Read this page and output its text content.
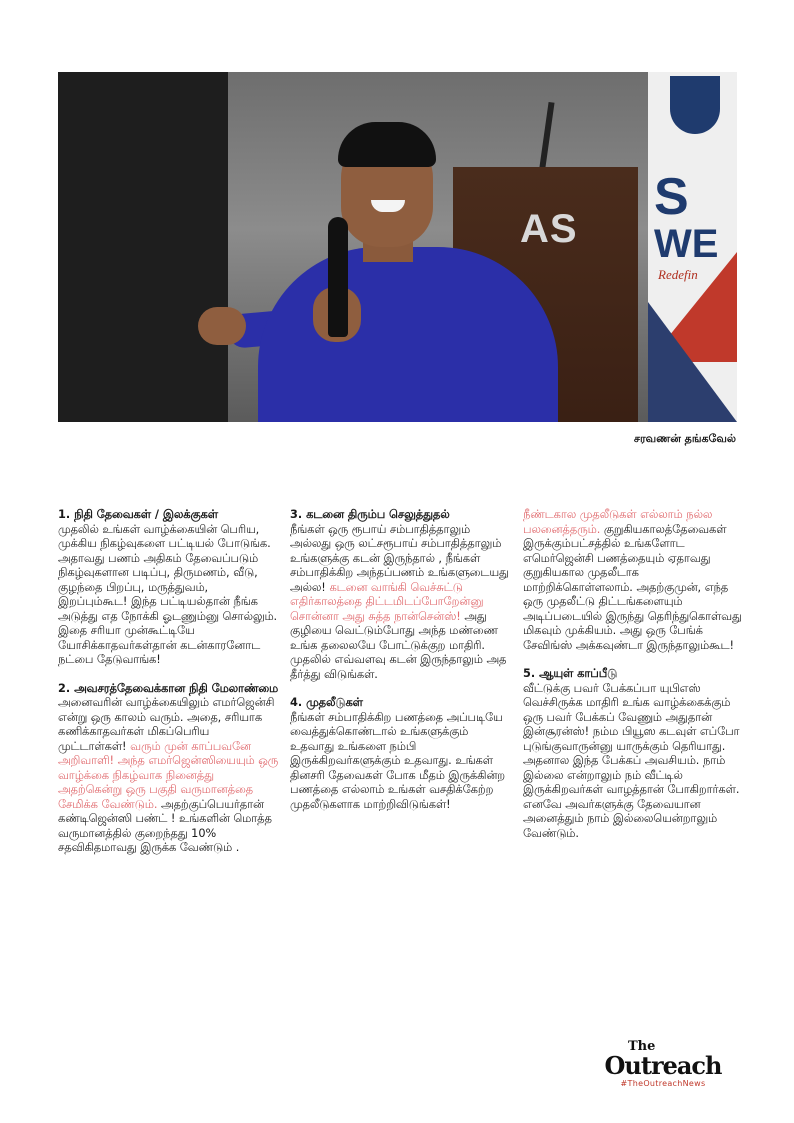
AS
S
WE
Redefin
சரவணன் தங்கவேல்
1. நிதி தேவைகள் / இலக்குகள்
முதலில் உங்கள் வாழ்க்கையின் பெரிய, முக்கிய நிகழ்வுகளை பட்டியல் போடுங்க. அதாவது பணம் அதிகம் தேவைப்படும் நிகழ்வுகளான படிப்பு, திருமணம், வீடு, குழந்தை பிறப்பு, மருத்துவம், இறப்பும்கூட! இந்த பட்டியல்தான் நீங்க அடுத்து எத நோக்கி ஓடணும்னு சொல்லும். இதை சரியா முன்கூட்டியே யோசிக்காதவர்கள்தான் கடன்காரனோட நட்பை தேடுவாங்க!
2. அவசரத்தேவைக்கான நிதி மேலாண்மை
அனைவரின் வாழ்க்கையிலும் எமர்ஜென்சி என்று ஒரு காலம் வரும். அதை, சரியாக கணிக்காதவர்கள் மிகப்பெரிய முட்டாள்கள்! வரும் முன் காப்பவனே அறிவாளி! அந்த எமர்ஜென்ஸியையும் ஒரு வாழ்க்கை நிகழ்வாக நினைத்து அதற்கென்று ஒரு பகுதி வருமானத்தை சேமிக்க வேண்டும். அதற்குப்பெயர்தான் கண்டிஜென்ஸி பண்ட் ! உங்களின் மொத்த வருமானத்தில் குறைந்தது 10% சதவிகிதமாவது இருக்க வேண்டும் .
3. கடனை திரும்ப செலுத்துதல்
நீங்கள் ஒரு ரூபாய் சம்பாதித்தாலும் அல்லது ஒரு லட்சரூபாய் சம்பாதித்தாலும் உங்களுக்கு கடன் இருந்தால் , நீங்கள் சம்பாதிக்கிற அந்தப்பணம் உங்களுடையது அல்ல! கடனை வாங்கி வெச்சுட்டு எதிர்காலத்தை திட்டமிடப்போறேன்னு சொன்னா அது சுத்த நான்சென்ஸ்! அது குழியை வெட்டும்போது அந்த மண்ணை உங்க தலைலயே போட்டுக்குற மாதிரி. முதலில் எவ்வளவு கடன் இருந்தாலும் அத தீர்த்து விடுங்கள்.
4. முதலீடுகள்
நீங்கள் சம்பாதிக்கிற பணத்தை அப்படியே வைத்துக்கொண்டால் உங்களுக்கும் உதவாது உங்களை நம்பி இருக்கிறவர்களுக்கும் உதவாது. உங்கள் தினசரி தேவைகள் போக மீதம் இருக்கின்ற பணத்தை எல்லாம் உங்கள் வசதிக்கேற்ற முதலீடுகளாக மாற்றிவிடுங்கள்!
நீண்டகால முதலீடுகள் எல்லாம் நல்ல பலனைத்தரும். குறுகியகாலத்தேவைகள் இருக்கும்பட்சத்தில் உங்களோட எமெர்ஜென்சி பணத்தையும் ஏதாவது குறுகியகால முதலீடாக மாற்றிக்கொள்ளலாம். அதற்குமுன், எந்த ஒரு முதலீட்டு திட்டங்களையும் அடிப்படையில் இருந்து தெரிந்துகொள்வது மிகவும் முக்கியம். அது ஒரு பேங்க் சேவிங்ஸ் அக்கவுண்டா இருந்தாலும்கூட!
5. ஆயுள் காப்பீடு
வீட்டுக்கு பவர் பேக்கப்பா யுபிஎஸ் வெச்சிருக்க மாதிரி உங்க வாழ்க்கைக்கும் ஒரு பவர் பேக்கப் வேணும் அதுதான் இன்சூரன்ஸ்! நம்ம பியூஸ கடவுள் எப்போ புடுங்குவாருன்னு யாருக்கும் தெரியாது. அதனால இந்த பேக்கப் அவசியம். நாம் இல்லை என்றாலும் நம் வீட்டில் இருக்கிறவர்கள் வாழத்தான் போகிறார்கள். எனவே அவர்களுக்கு தேவையான அனைத்தும் நாம் இல்லையென்றாலும் வேண்டும்.
The
Outreach
#TheOutreachNews
